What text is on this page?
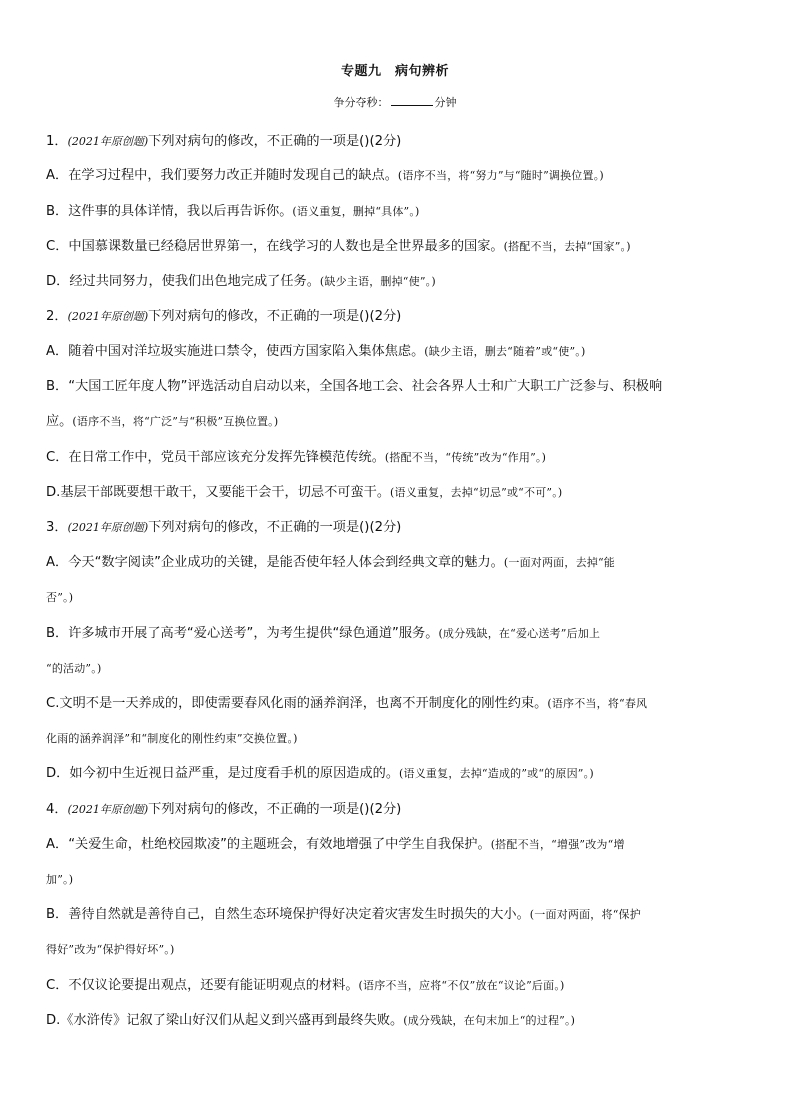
专题九　病句辨析
争分夺秒：	分钟
1．(2021年原创题)下列对病句的修改，不正确的一项是()(2分)
A．在学习过程中，我们要努力改正并随时发现自己的缺点。(语序不当，将“努力”与“随时”调换位置。)
B．这件事的具体详情，我以后再告诉你。(语义重复，删掉“具体”。)
C．中国慕课数量已经稳居世界第一，在线学习的人数也是全世界最多的国家。(搭配不当，去掉“国家”。)
D．经过共同努力，使我们出色地完成了任务。(缺少主语，删掉“使”。)
2．(2021年原创题)下列对病句的修改，不正确的一项是()(2分)
A．随着中国对洋垃圾实施进口禁令，使西方国家陷入集体焦虑。(缺少主语，删去“随着”或“使”。)
B．“大国工匠年度人物”评选活动自启动以来，全国各地工会、社会各界人士和广大职工广泛参与、积极响
应。(语序不当，将“广泛”与“积极”互换位置。)
C．在日常工作中，党员干部应该充分发挥先锋模范传统。(搭配不当，“传统”改为“作用”。)
D.基层干部既要想干敢干，又要能干会干，切忌不可蛮干。(语义重复，去掉“切忌”或“不可”。)
3．(2021年原创题)下列对病句的修改，不正确的一项是()(2分)
A．今天“数字阅读”企业成功的关键，是能否使年轻人体会到经典文章的魅力。(一面对两面，去掉“能
否”。)
B．许多城市开展了高考“爱心送考”，为考生提供“绿色通道”服务。(成分残缺，在“爱心送考”后加上
“的活动”。)
C.文明不是一天养成的，即使需要春风化雨的涵养润泽，也离不开制度化的刚性约束。(语序不当，将“春风
化雨的涵养润泽”和“制度化的刚性约束”交换位置。)
D．如今初中生近视日益严重，是过度看手机的原因造成的。(语义重复，去掉“造成的”或“的原因”。)
4．(2021年原创题)下列对病句的修改，不正确的一项是()(2分)
A．“关爱生命，杜绝校园欺凌”的主题班会，有效地增强了中学生自我保护。(搭配不当，“增强”改为“增
加”。)
B．善待自然就是善待自己，自然生态环境保护得好决定着灾害发生时损失的大小。(一面对两面，将“保护
得好”改为“保护得好坏”。)
C．不仅议论要提出观点，还要有能证明观点的材料。(语序不当，应将“不仅”放在“议论”后面。)
D.《水浒传》记叙了梁山好汉们从起义到兴盛再到最终失败。(成分残缺，在句末加上“的过程”。)
